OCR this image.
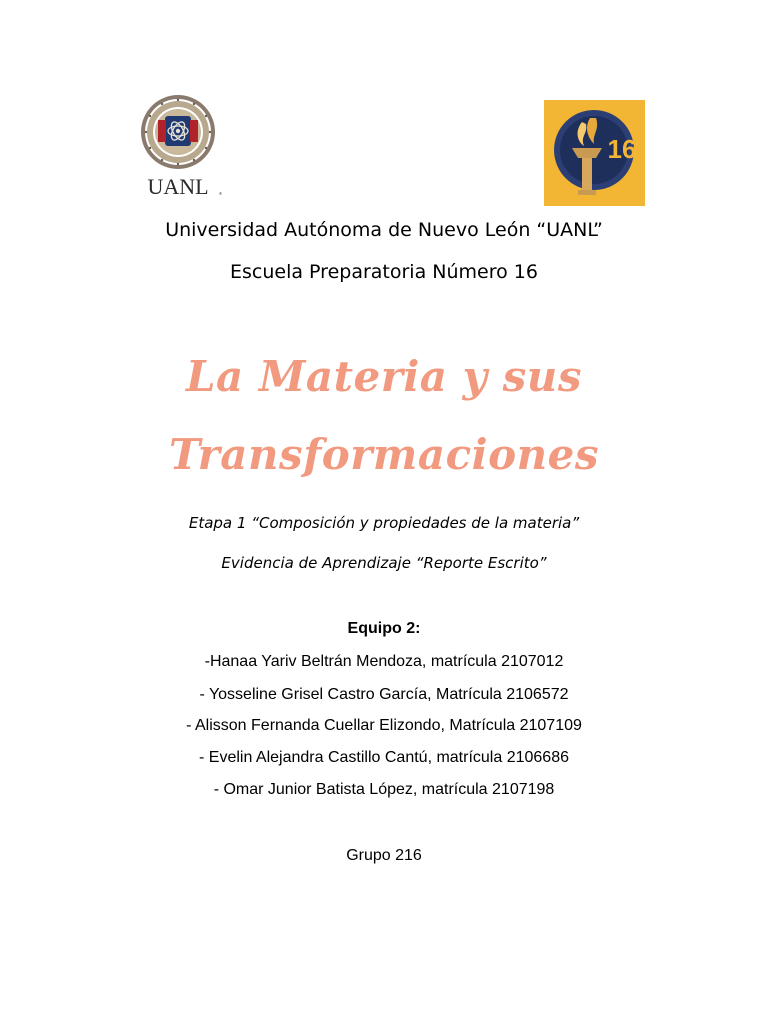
UANL	®
16
Universidad Autónoma de Nuevo León “UANL”
Escuela Preparatoria Número 16
La Materia y sus
Transformaciones
Etapa 1 “Composición y propiedades de la materia”
Evidencia de Aprendizaje “Reporte Escrito”
Equipo 2:
-Hanaa Yariv Beltrán Mendoza, matrícula 2107012
- Yosseline Grisel Castro García, Matrícula 2106572
- Alisson Fernanda Cuellar Elizondo, Matrícula 2107109
- Evelin Alejandra Castillo Cantú, matrícula 2106686
- Omar Junior Batista López, matrícula 2107198
Grupo 216
